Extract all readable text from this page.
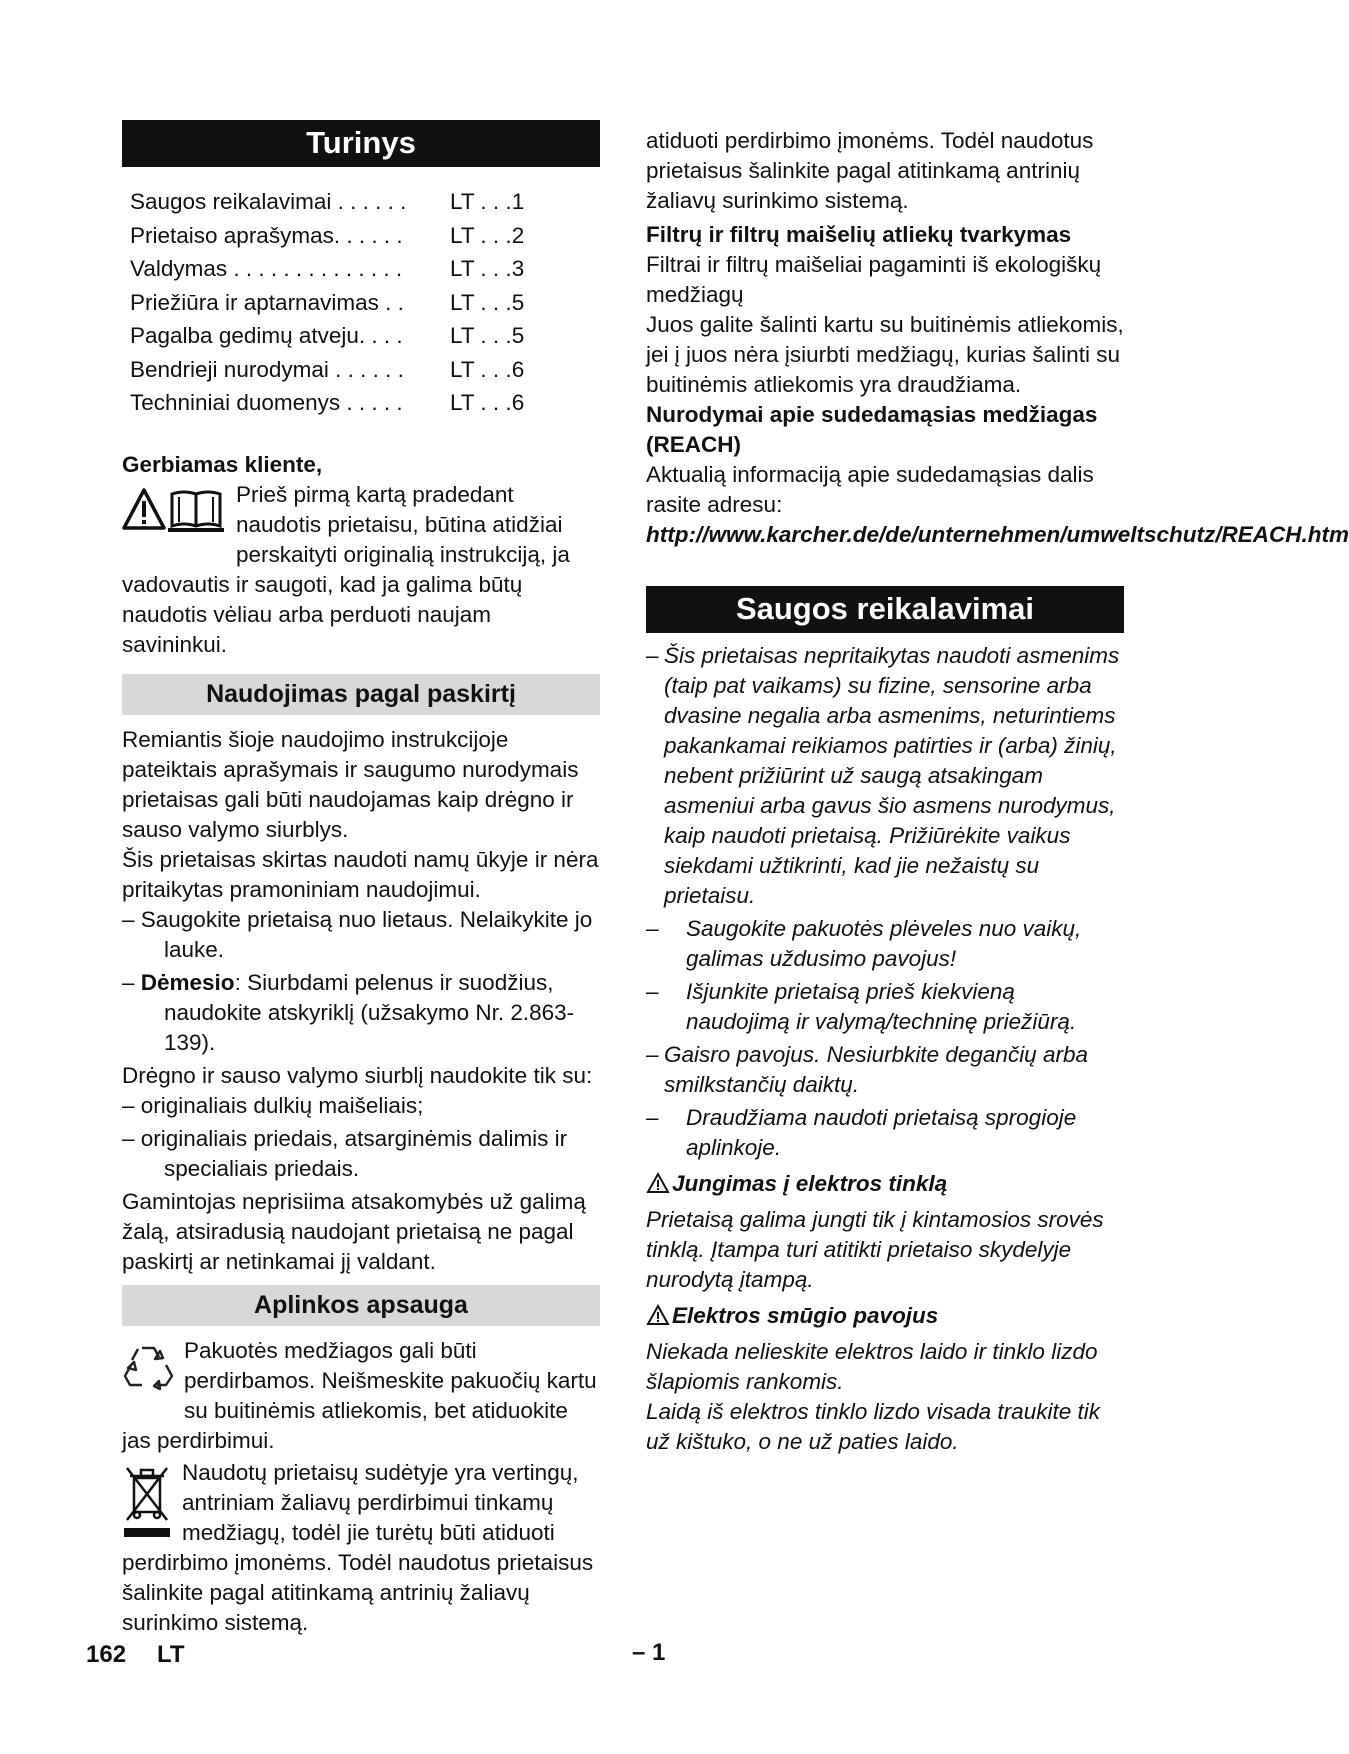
Turinys
Saugos reikalavimai . . . . . .	LT . . .1
Prietaiso aprašymas. . . . . .	LT . . .2
Valdymas . . . . . . . . . . . . . .	LT . . .3
Priežiūra ir aptarnavimas . .	LT . . .5
Pagalba gedimų atveju. . . .	LT . . .5
Bendrieji nurodymai . . . . . .	LT . . .6
Techniniai duomenys . . . . .	LT . . .6

Gerbiamas kliente,

Prieš pirmą kartą pradedant naudotis prietaisu, būtina atidžiai perskaityti originalią instrukciją, ja vadovautis ir saugoti, kad ja galima būtų naudotis vėliau arba perduoti naujam savininkui.

Naudojimas pagal paskirtį

Remiantis šioje naudojimo instrukcijoje pateiktais aprašymais ir saugumo nurodymais prietaisas gali būti naudojamas kaip drėgno ir sauso valymo siurblys.

Šis prietaisas skirtas naudoti namų ūkyje ir nėra pritaikytas pramoniniam naudojimui.

– Saugokite prietaisą nuo lietaus. Nelaikykite jo lauke.

– Dėmesio: Siurbdami pelenus ir suodžius, naudokite atskyriklį (užsakymo Nr. 2.863-139).

Drėgno ir sauso valymo siurblį naudokite tik su:

– originaliais dulkių maišeliais;

– originaliais priedais, atsarginėmis dalimis ir specialiais priedais.

Gamintojas neprisiima atsakomybės už galimą žalą, atsiradusią naudojant prietaisą ne pagal paskirtį ar netinkamai jį valdant.

Aplinkos apsauga

Pakuotės medžiagos gali būti perdirbamos. Neišmeskite pakuočių kartu su buitinėmis atliekomis, bet atiduokite jas perdirbimui.

Naudotų prietaisų sudėtyje yra vertingų, antriniam žaliavų perdirbimui tinkamų medžiagų, todėl jie turėtų būti atiduoti perdirbimo įmonėms. Todėl naudotus prietaisus šalinkite pagal atitinkamą antrinių žaliavų surinkimo sistemą.

atiduoti perdirbimo įmonėms. Todėl naudotus prietaisus šalinkite pagal atitinkamą antrinių žaliavų surinkimo sistemą.

Filtrų ir filtrų maišelių atliekų tvarkymas

Filtrai ir filtrų maišeliai pagaminti iš ekologiškų medžiagų

Juos galite šalinti kartu su buitinėmis atliekomis, jei į juos nėra įsiurbti medžiagų, kurias šalinti su buitinėmis atliekomis yra draudžiama.

Nurodymai apie sudedamąsias medžiagas (REACH)

Aktualią informaciją apie sudedamąsias dalis rasite adresu:

http://www.karcher.de/de/unternehmen/umweltschutz/REACH.htm

Saugos reikalavimai
– Šis prietaisas nepritaikytas naudoti asmenims (taip pat vaikams) su fizine, sensorine arba dvasine negalia arba asmenims, neturintiems pakankamai reikiamos patirties ir (arba) žinių, nebent prižiūrint už saugą atsakingam asmeniui arba gavus šio asmens nurodymus, kaip naudoti prietaisą. Prižiūrėkite vaikus siekdami užtikrinti, kad jie nežaistų su prietaisu.
–	Saugokite pakuotės plėveles nuo vaikų, galimas uždusimo pavojus!
–	Išjunkite prietaisą prieš kiekvieną naudojimą ir valymą/techninę priežiūrą.
– Gaisro pavojus. Nesiurbkite degančių arba smilkstančių daiktų.
–	Draudžiama naudoti prietaisą sprogioje aplinkoje.

Jungimas į elektros tinklą

Prietaisą galima jungti tik į kintamosios srovės tinklą. Įtampa turi atitikti prietaiso skydelyje nurodytą įtampą.

Elektros smūgio pavojus

Niekada nelieskite elektros laido ir tinklo lizdo šlapiomis rankomis.

Laidą iš elektros tinklo lizdo visada traukite tik už kištuko, o ne už paties laido.

162 LT	– 1
